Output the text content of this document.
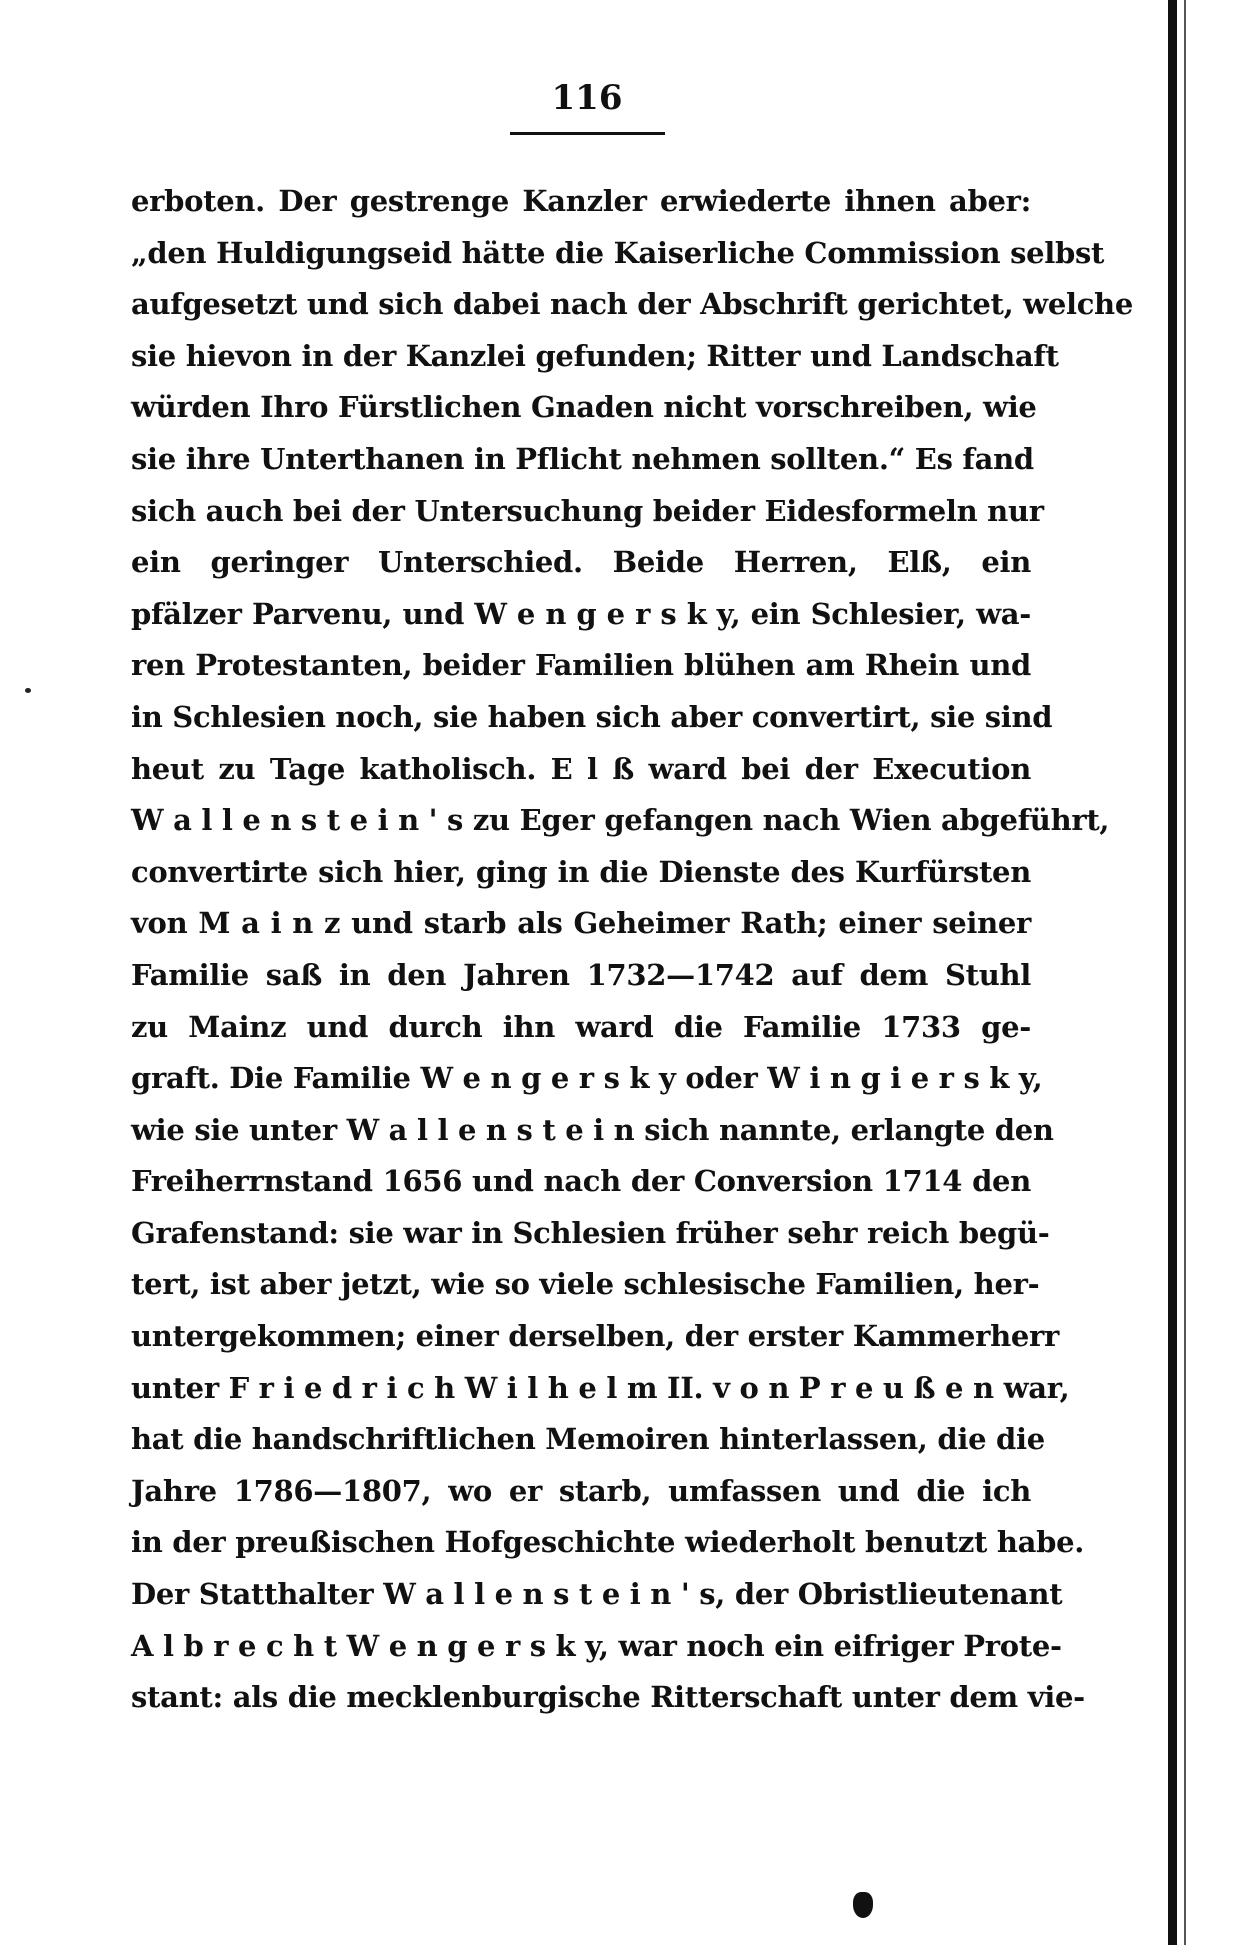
116
erboten. Der gestrenge Kanzler erwiederte ihnen aber:
„den Huldigungseid hätte die Kaiserliche Commission selbst
aufgesetzt und sich dabei nach der Abschrift gerichtet, welche
sie hievon in der Kanzlei gefunden; Ritter und Landschaft
würden Ihro Fürstlichen Gnaden nicht vorschreiben, wie
sie ihre Unterthanen in Pflicht nehmen sollten.“ Es fand
sich auch bei der Untersuchung beider Eidesformeln nur
ein geringer Unterschied. Beide Herren, Elß, ein
pfälzer Parvenu, und W e n g e r s k y, ein Schlesier, wa-
ren Protestanten, beider Familien blühen am Rhein und
in Schlesien noch, sie haben sich aber convertirt, sie sind
heut zu Tage katholisch. E l ß ward bei der Execution
W a l l e n s t e i n ' s zu Eger gefangen nach Wien abgeführt,
convertirte sich hier, ging in die Dienste des Kurfürsten
von M a i n z und starb als Geheimer Rath; einer seiner
Familie saß in den Jahren 1732—1742 auf dem Stuhl
zu Mainz und durch ihn ward die Familie 1733 ge-
graft. Die Familie W e n g e r s k y oder W i n g i e r s k y,
wie sie unter W a l l e n s t e i n sich nannte, erlangte den
Freiherrnstand 1656 und nach der Conversion 1714 den
Grafenstand: sie war in Schlesien früher sehr reich begü-
tert, ist aber jetzt, wie so viele schlesische Familien, her-
untergekommen; einer derselben, der erster Kammerherr
unter F r i e d r i c h W i l h e l m II. v o n P r e u ß e n war,
hat die handschriftlichen Memoiren hinterlassen, die die
Jahre 1786—1807, wo er starb, umfassen und die ich
in der preußischen Hofgeschichte wiederholt benutzt habe.
Der Statthalter W a l l e n s t e i n ' s, der Obristlieutenant
A l b r e c h t W e n g e r s k y, war noch ein eifriger Prote-
stant: als die mecklenburgische Ritterschaft unter dem vie-
